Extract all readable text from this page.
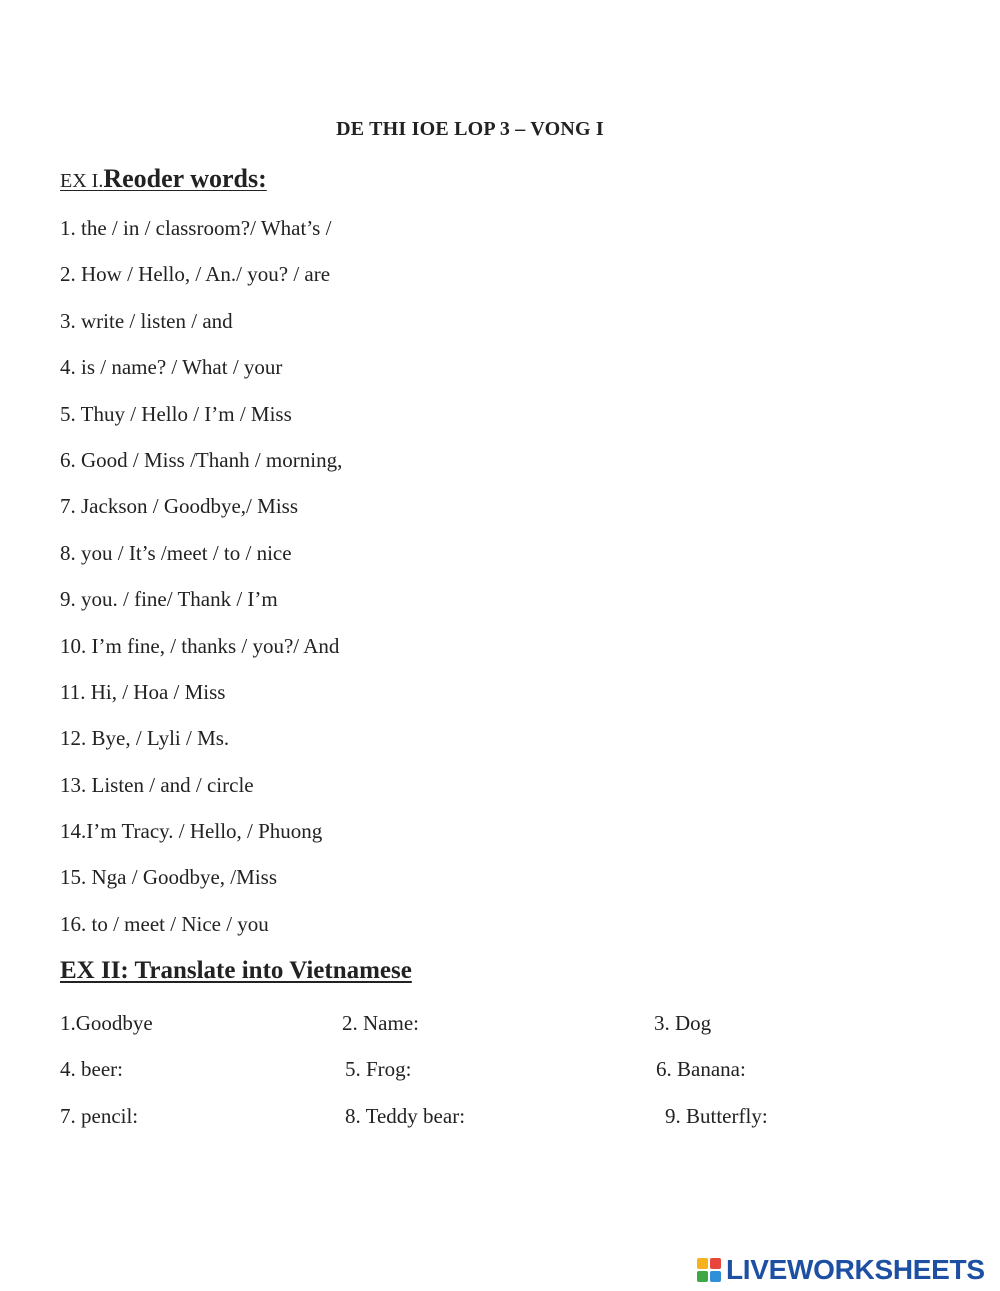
DE THI IOE LOP 3 – VONG I
EX I.Reoder words:
1. the / in / classroom?/ What’s /
2. How / Hello, / An./ you? / are
3. write / listen / and
4. is / name? / What / your
5. Thuy / Hello / I’m / Miss
6. Good / Miss /Thanh / morning,
7. Jackson / Goodbye,/ Miss
8. you / It’s /meet / to / nice
9. you. / fine/ Thank / I’m
10. I’m fine, / thanks / you?/ And
11. Hi, / Hoa / Miss
12. Bye, / Lyli / Ms.
13. Listen / and / circle
14.I’m Tracy. / Hello, / Phuong
15. Nga / Goodbye, /Miss
16. to / meet / Nice / you
EX II: Translate into Vietnamese
1.Goodbye	2. Name:	3. Dog
4. beer:	5. Frog:	6. Banana:
7. pencil:	8. Teddy bear:	9. Butterfly:
LIVEWORKSHEETS
